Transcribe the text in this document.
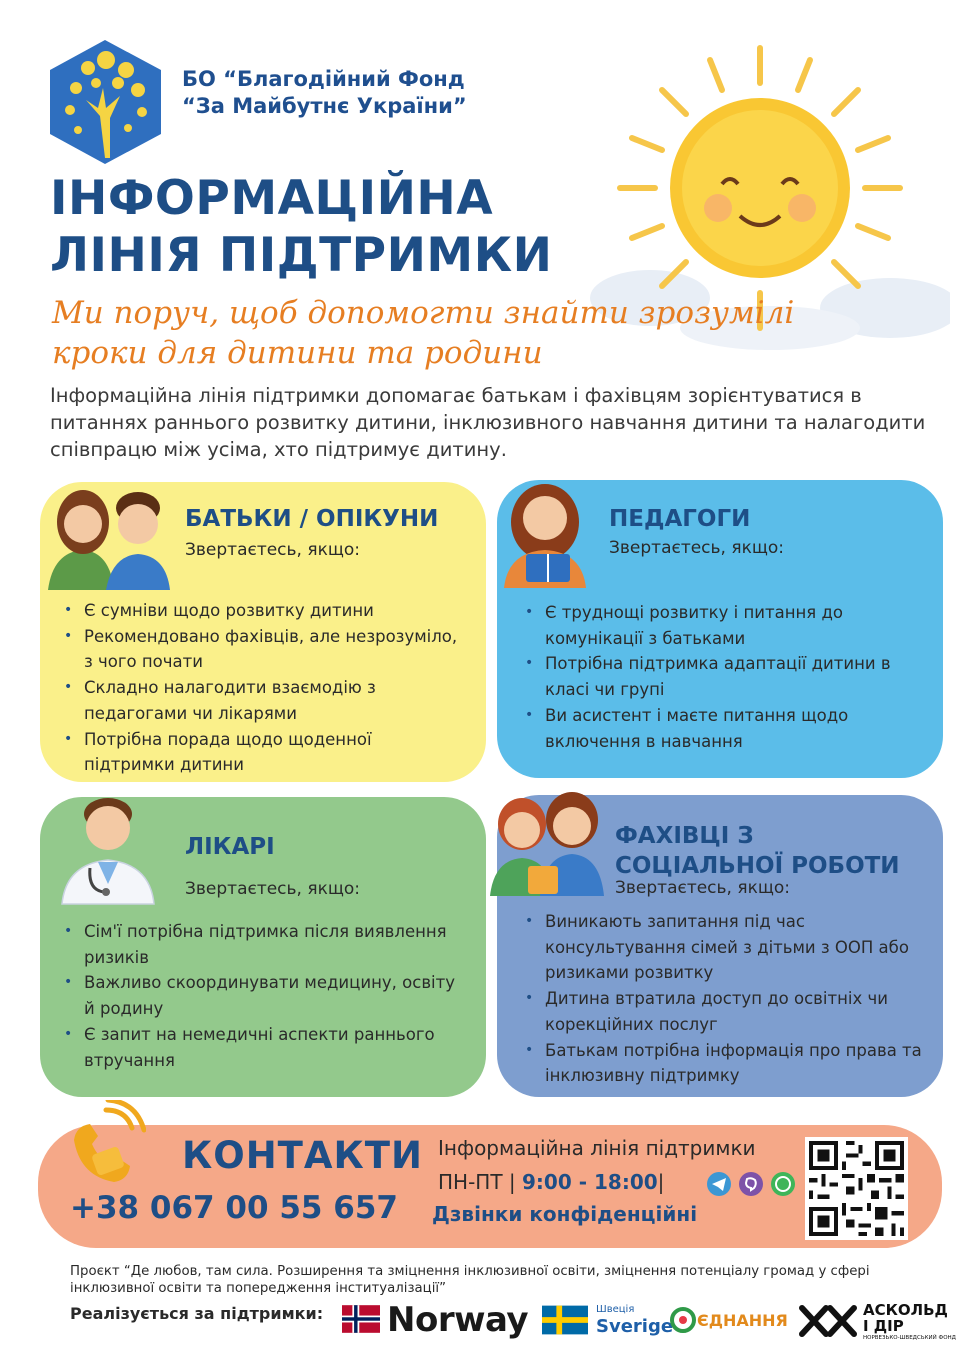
БО “Благодійний Фонд
“За Майбутнє України”
ІНФОРМАЦІЙНА
ЛІНІЯ ПІДТРИМКИ
Ми поруч, щоб допомогти знайти зрозумілі
кроки для дитини та родини
Інформаційна лінія підтримки допомагає батькам і фахівцям зорієнтуватися в питаннях раннього розвитку дитини, інклюзивного навчання дитини та налагодити співпрацю між усіма, хто підтримує дитину.
БАТЬКИ / ОПІКУНИ
Звертаєтесь, якщо:
• Є сумніви щодо розвитку дитини
• Рекомендовано фахівців, але незрозуміло, з чого почати
• Складно налагодити взаємодію з педагогами чи лікарями
• Потрібна порада щодо щоденної підтримки дитини
ПЕДАГОГИ
Звертаєтесь, якщо:
• Є труднощі розвитку і питання до комунікації з батьками
• Потрібна підтримка адаптації дитини в класі чи групі
• Ви асистент і маєте питання щодо включення в навчання
ЛІКАРІ
Звертаєтесь, якщо:
• Сім'ї потрібна підтримка після виявлення ризиків
• Важливо скоординувати медицину, освіту й родину
• Є запит на немедичні аспекти раннього втручання
ФАХІВЦІ З
СОЦІАЛЬНОЇ РОБОТИ
Звертаєтесь, якщо:
• Виникають запитання під час консультування сімей з дітьми з ООП або ризиками розвитку
• Дитина втратила доступ до освітніх чи корекційних послуг
• Батькам потрібна інформація про права та інклюзивну підтримку
КОНТАКТИ
+38 067 00 55 657
Інформаційна лінія підтримки
ПН-ПТ | 9:00 - 18:00|
Дзвінки конфіденційні
Проєкт “Де любов, там сила. Розширення та зміцнення інклюзивної освіти, зміцнення потенціалу громад у сфері інклюзивної освіти та попередження інституалізації”
Реалізується за підтримки: Norway	Швеція
Sverige ЄДНАННЯ
АСКОЛЬД
І ДІР
НОРВЕЗЬКО-ШВЕДСЬКИЙ ФОНД
